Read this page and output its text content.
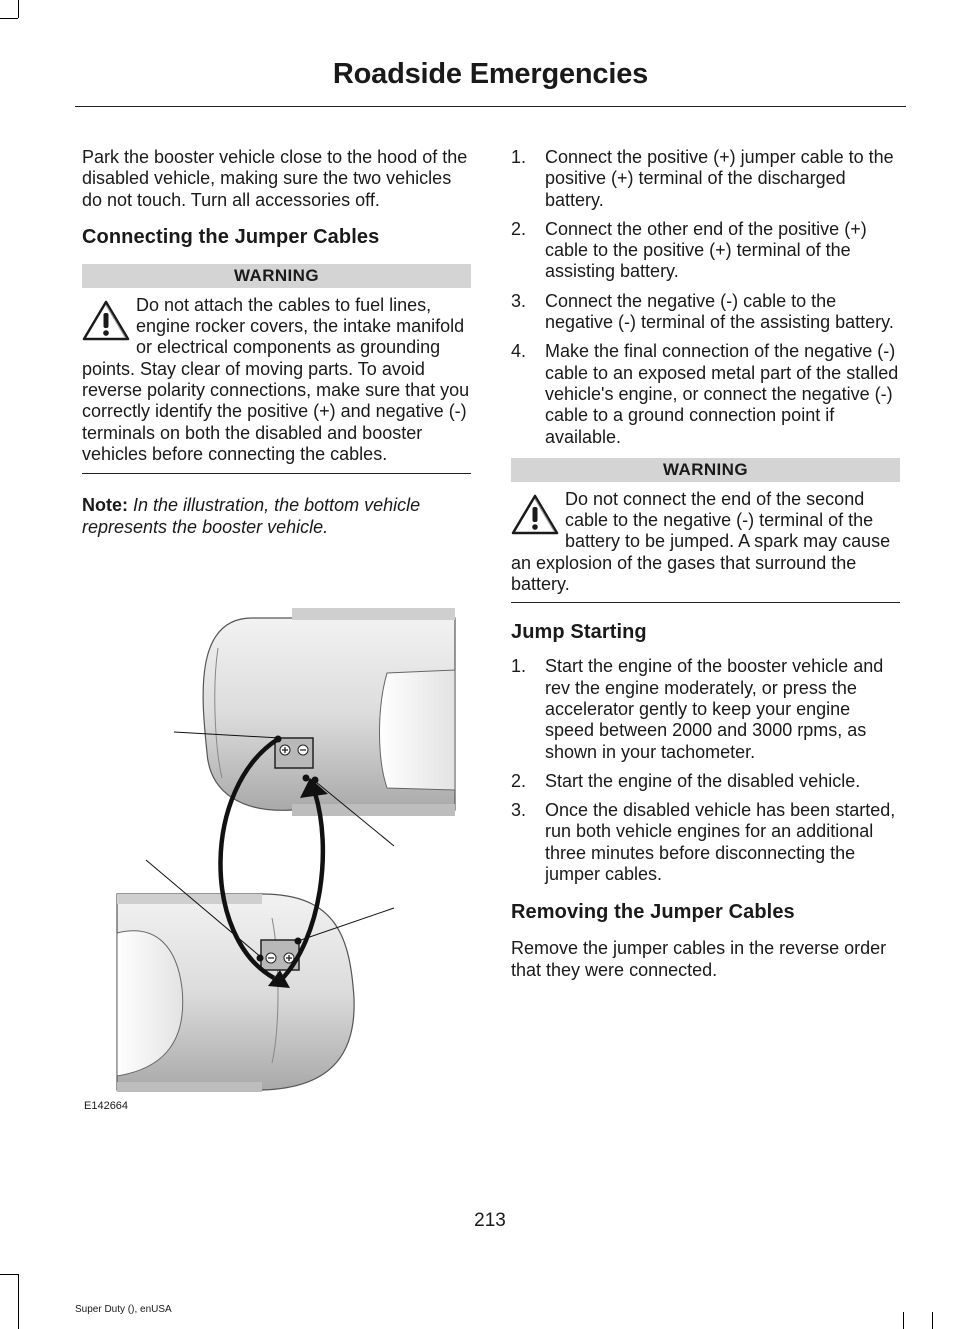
Roadside Emergencies

Park the booster vehicle close to the hood of the disabled vehicle, making sure the two vehicles do not touch. Turn all accessories off.

Connecting the Jumper Cables
WARNING
Do not attach the cables to fuel lines, engine rocker covers, the intake manifold or electrical components as grounding points. Stay clear of moving parts. To avoid reverse polarity connections, make sure that you correctly identify the positive (+) and negative (-) terminals on both the disabled and booster vehicles before connecting the cables.

Note: In the illustration, the bottom vehicle represents the booster vehicle.

E142664
1. Connect the positive (+) jumper cable to the positive (+) terminal of the discharged battery.
2. Connect the other end of the positive (+) cable to the positive (+) terminal of the assisting battery.
3. Connect the negative (-) cable to the negative (-) terminal of the assisting battery.
4. Make the final connection of the negative (-) cable to an exposed metal part of the stalled vehicle's engine, or connect the negative (-) cable to a ground connection point if available.
WARNING
Do not connect the end of the second cable to the negative (-) terminal of the battery to be jumped. A spark may cause an explosion of the gases that surround the battery.
Jump Starting
1. Start the engine of the booster vehicle and rev the engine moderately, or press the accelerator gently to keep your engine speed between 2000 and 3000 rpms, as shown in your tachometer.
2. Start the engine of the disabled vehicle.
3. Once the disabled vehicle has been started, run both vehicle engines for an additional three minutes before disconnecting the jumper cables.
Removing the Jumper Cables

Remove the jumper cables in the reverse order that they were connected.

213
Super Duty (), enUSA
